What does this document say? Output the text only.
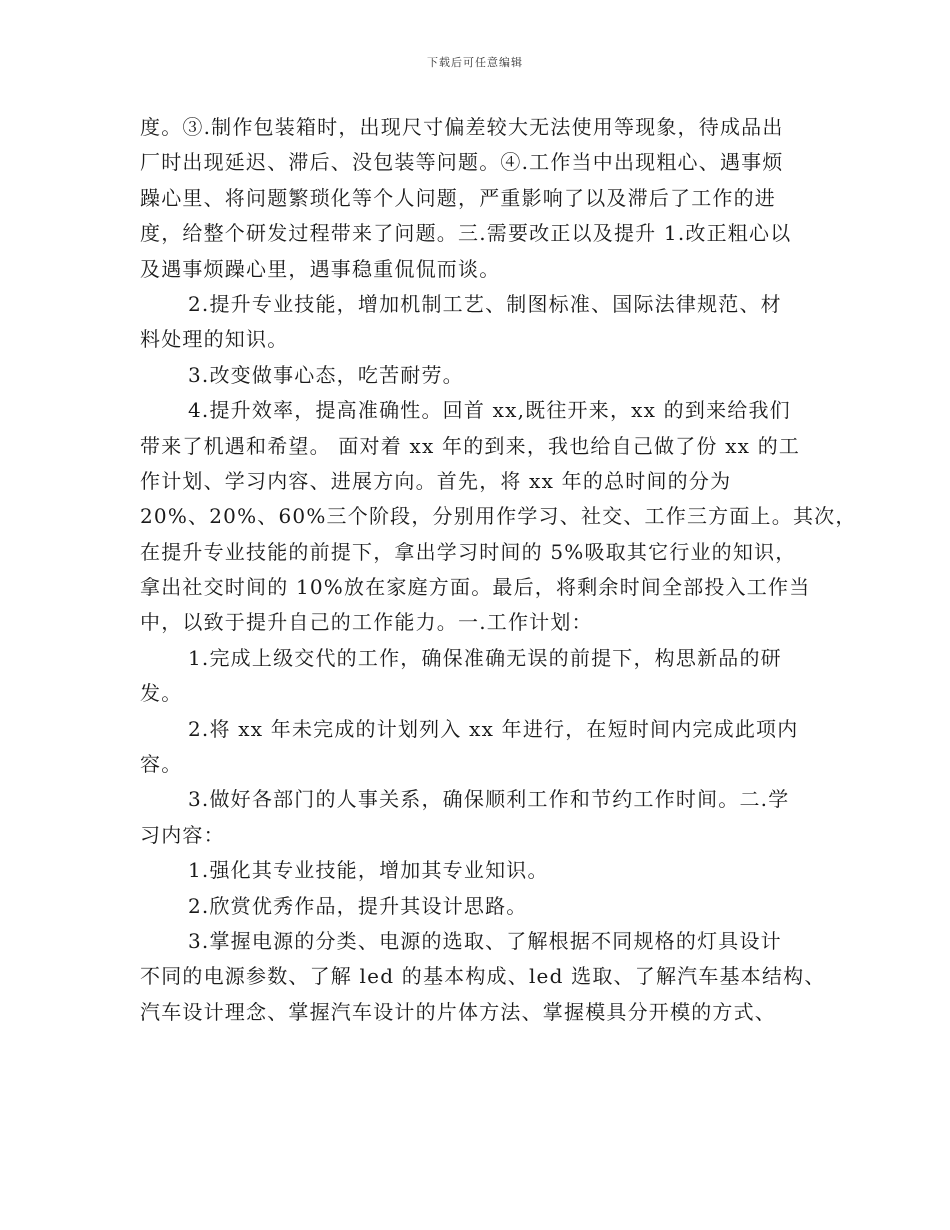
下载后可任意编辑
度。③.制作包装箱时，出现尺寸偏差较大无法使用等现象，待成品出
厂时出现延迟、滞后、没包装等问题。④.工作当中出现粗心、遇事烦
躁心里、将问题繁琐化等个人问题，严重影响了以及滞后了工作的进
度，给整个研发过程带来了问题。三.需要改正以及提升 1.改正粗心以
及遇事烦躁心里，遇事稳重侃侃而谈。
2.提升专业技能，增加机制工艺、制图标准、国际法律规范、材
料处理的知识。
3.改变做事心态，吃苦耐劳。
4.提升效率，提高准确性。回首 xx,既往开来，xx 的到来给我们
带来了机遇和希望。 面对着 xx 年的到来，我也给自己做了份 xx 的工
作计划、学习内容、进展方向。首先，将 xx 年的总时间的分为
20%、20%、60%三个阶段，分别用作学习、社交、工作三方面上。其次，
在提升专业技能的前提下，拿出学习时间的 5%吸取其它行业的知识，
拿出社交时间的 10%放在家庭方面。最后，将剩余时间全部投入工作当
中，以致于提升自己的工作能力。一.工作计划：
1.完成上级交代的工作，确保准确无误的前提下，构思新品的研
发。
2.将 xx 年未完成的计划列入 xx 年进行，在短时间内完成此项内
容。
3.做好各部门的人事关系，确保顺利工作和节约工作时间。二.学
习内容：
1.强化其专业技能，增加其专业知识。
2.欣赏优秀作品，提升其设计思路。
3.掌握电源的分类、电源的选取、了解根据不同规格的灯具设计
不同的电源参数、了解 led 的基本构成、led 选取、了解汽车基本结构、
汽车设计理念、掌握汽车设计的片体方法、掌握模具分开模的方式、
